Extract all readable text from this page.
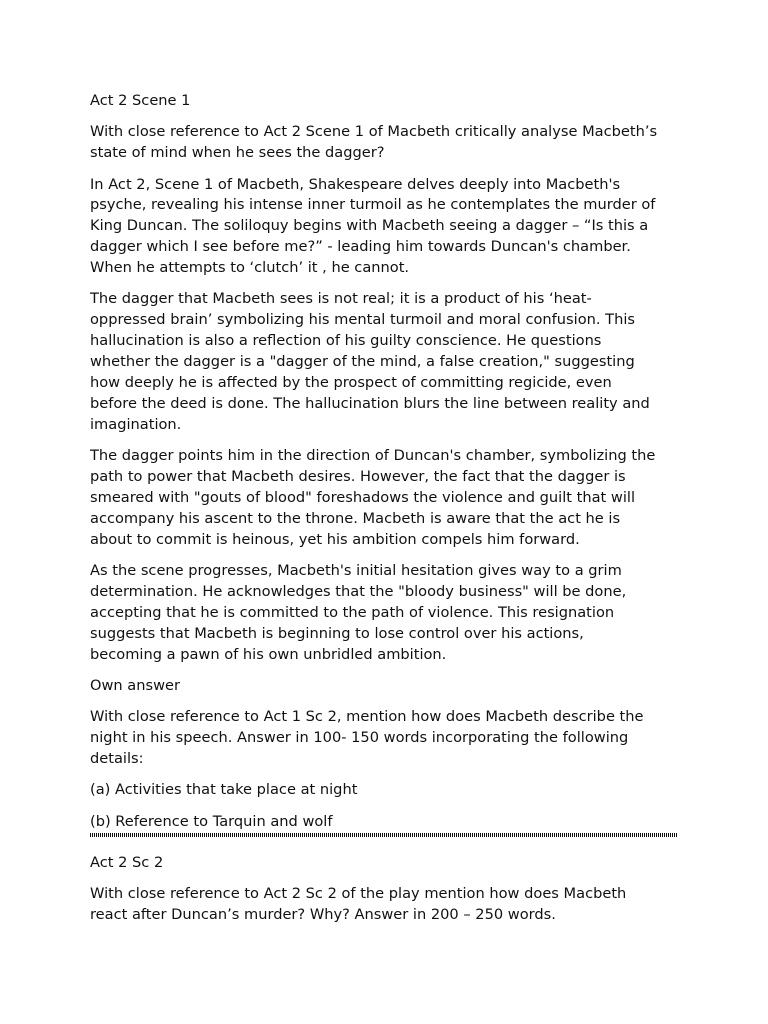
Act 2 Scene 1

With close reference to Act 2 Scene 1 of Macbeth critically analyse Macbeth’s
state of mind when he sees the dagger?

In Act 2, Scene 1 of Macbeth, Shakespeare delves deeply into Macbeth's
psyche, revealing his intense inner turmoil as he contemplates the murder of
King Duncan. The soliloquy begins with Macbeth seeing a dagger – “Is this a
dagger which I see before me?” - leading him towards Duncan's chamber.
When he attempts to ‘clutch’ it , he cannot.

The dagger that Macbeth sees is not real; it is a product of his ‘heat-
oppressed brain’ symbolizing his mental turmoil and moral confusion. This
hallucination is also a reflection of his guilty conscience. He questions
whether the dagger is a "dagger of the mind, a false creation," suggesting
how deeply he is affected by the prospect of committing regicide, even
before the deed is done. The hallucination blurs the line between reality and
imagination.

The dagger points him in the direction of Duncan's chamber, symbolizing the
path to power that Macbeth desires. However, the fact that the dagger is
smeared with "gouts of blood" foreshadows the violence and guilt that will
accompany his ascent to the throne. Macbeth is aware that the act he is
about to commit is heinous, yet his ambition compels him forward.

As the scene progresses, Macbeth's initial hesitation gives way to a grim
determination. He acknowledges that the "bloody business" will be done,
accepting that he is committed to the path of violence. This resignation
suggests that Macbeth is beginning to lose control over his actions,
becoming a pawn of his own unbridled ambition.

Own answer

With close reference to Act 1 Sc 2, mention how does Macbeth describe the
night in his speech. Answer in 100- 150 words incorporating the following
details:

(a) Activities that take place at night

(b) Reference to Tarquin and wolf

Act 2 Sc 2

With close reference to Act 2 Sc 2 of the play mention how does Macbeth
react after Duncan’s murder? Why? Answer in 200 – 250 words.
